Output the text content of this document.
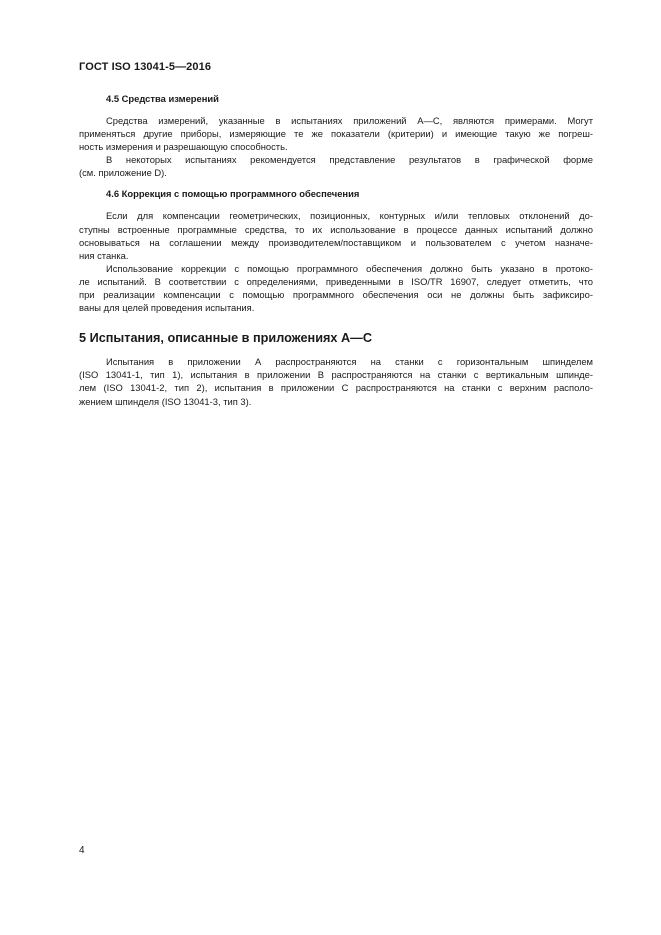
ГОСТ ISO 13041-5—2016
4.5 Средства измерений

Средства измерений, указанные в испытаниях приложений А—С, являются примерами. Могут
применяться другие приборы, измеряющие те же показатели (критерии) и имеющие такую же погреш-
ность измерения и разрешающую способность.

В некоторых испытаниях рекомендуется представление результатов в графической форме
(см. приложение D).

4.6 Коррекция с помощью программного обеспечения

Если для компенсации геометрических, позиционных, контурных и/или тепловых отклонений до-
ступны встроенные программные средства, то их использование в процессе данных испытаний должно
основываться на соглашении между производителем/поставщиком и пользователем с учетом назначе-
ния станка.

Использование коррекции с помощью программного обеспечения должно быть указано в протоко-
ле испытаний. В соответствии с определениями, приведенными в ISO/TR 16907, следует отметить, что
при реализации компенсации с помощью программного обеспечения оси не должны быть зафиксиро-
ваны для целей проведения испытания.

5 Испытания, описанные в приложениях А—С

Испытания в приложении А распространяются на станки с горизонтальным шпинделем
(ISO 13041-1, тип 1), испытания в приложении В распространяются на станки с вертикальным шпинде-
лем (ISO 13041-2, тип 2), испытания в приложении С распространяются на станки с верхним располо-
жением шпинделя (ISO 13041-3, тип 3).

4
